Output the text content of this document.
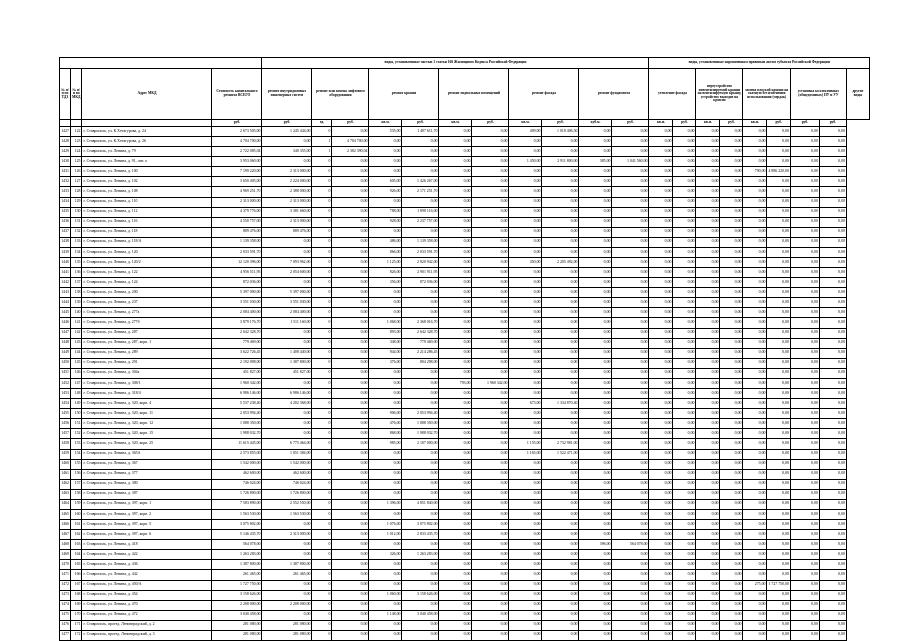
				виды, установленные частью 1 статьи 166 Жилищного Кодекса Российской Федерации											виды, установленные нормативным правовым актом субъекта Российской Федерации								
№ п/п по ТДЗ	№ п/п по МКД	Адрес МКД	Стоимость капитального ремонта ВСЕГО	ремонт внутридомовых инженерных систем	ремонт или замена лифтового оборудования		ремонт крыши		ремонт подвальных помещений		ремонт фасада		ремонт фундамента		утепление фасада		переустройство невентилируемой крыши на вентилируемую крышу, устройство выходов на кровлю		замена плоской крыши на скатную без изменения использования (чердак)		установка коллективных (общедомовых) ПУ и УУ		другие виды
			руб.	руб.	ед.	руб.	кв.м.	руб.	кв.м.	руб.	кв.м.	руб.	куб.м.	руб.	кв.м.	руб.	кв.м.	руб.	кв.м.	руб.	руб.	руб.	
1427	122	г. Ставрополь, ул. К.Хетагурова, д. 24	2 673 505,00	1 245 444,00	0	0,00	535,00	1 407 611,70	0,00	0,00	409,00	1 018 406,50	0,00	0,00	0,00	0,00	0,00	0,00	0,00	0,00	0,00	0,00	
1428	123	г. Ставрополь, ул. К.Хетагурова, д. 26	4 704 700,00	0,00	1	4 704 700,00	0,00	0,00	0,00	0,00	0,00	0,00	0,00	0,00	0,00	0,00	0,00	0,00	0,00	0,00	0,00	0,00	
1429	124	г. Ставрополь, ул. Ленина, д. 79	2 722 085,04	340 355,00	1	2 382 390,04	0,00	0,00	0,00	0,00	0,00	0,00	0,00	0,00	0,00	0,00	0,00	0,00	0,00	0,00	0,00	0,00	
1430	125	г. Ставрополь, ул. Ленина, д. 91, лит. а	3 953 060,00	0,00	0	0,00	0,00	0,00	0,00	0,00	1 450,00	2 911 800,00	385,00	1 041 560,00	0,00	0,00	0,00	0,00	0,00	0,00	0,00	0,00	
1431	126	г. Ставрополь, ул. Ленина, д. 100	7 199 220,00	2 313 000,00	0	0,00	0,00	0,00	0,00	0,00	0,00	0,00	0,00	0,00	0,00	0,00	0,00	0,00	790,00	4 886 220,00	0,00	0,00	
1432	127	г. Ставрополь, ул. Ленина, д. 102	3 650 405,00	2 224 000,00	0	0,00	605,00	1 426 267,00	0,00	0,00	0,00	0,00	0,00	0,00	0,00	0,00	0,00	0,00	0,00	0,00	0,00	0,00	
1433	128	г. Ставрополь, ул. Ленина, д. 108	4 969 251,70	2 388 000,00	0	0,00	926,00	2 171 251,70	0,00	0,00	0,00	0,00	0,00	0,00	0,00	0,00	0,00	0,00	0,00	0,00	0,00	0,00	
1434	129	г. Ставрополь, ул. Ленина, д. 110	2 313 000,00	2 313 000,00	0	0,00	0,00	0,00	0,00	0,00	0,00	0,00	0,00	0,00	0,00	0,00	0,00	0,00	0,00	0,00	0,00	0,00	
1435	130	г. Ставрополь, ул. Ленина, д. 112	4 379 776,00	3 381 660,00	0	0,00	788,00	1 898 116,00	0,00	0,00	0,00	0,00	0,00	0,00	0,00	0,00	0,00	0,00	0,00	0,00	0,00	0,00	
1436	131	г. Ставрополь, ул. Ленина, д. 116	4 550 757,00	2 313 000,00	0	0,00	928,00	2 237 757,00	0,00	0,00	0,00	0,00	0,00	0,00	0,00	0,00	0,00	0,00	0,00	0,00	0,00	0,00	
1437	132	г. Ставрополь, ул. Ленина, д. 118	889 476,00	889 476,00	0	0,00	0,00	0,00	0,00	0,00	0,00	0,00	0,00	0,00	0,00	0,00	0,00	0,00	0,00	0,00	0,00	0,00	
1438	133	г. Ставрополь, ул. Ленина, д. 118/А	1 139 358,00	0,00	0	0,00	486,00	1 139 358,00	0,00	0,00	0,00	0,00	0,00	0,00	0,00	0,00	0,00	0,00	0,00	0,00	0,00	0,00	
1439	134	г. Ставрополь, ул. Ленина, д. 120	2 033 591,70	0,00	0	0,00	866,00	2 033 591,70	0,00	0,00	0,00	0,00	0,00	0,00	0,00	0,00	0,00	0,00	0,00	0,00	0,00	0,00	
1440	135	г. Ставрополь, ул. Ленина, д. 120/2	12 120 396,00	7 093 962,00	0	0,00	1 125,00	2 820 942,00	0,00	0,00	450,00	2 205 492,00	0,00	0,00	0,00	0,00	0,00	0,00	0,00	0,00	0,00	0,00	
1441	136	г. Ставрополь, ул. Ленина, д. 122	4 956 511,95	2 054 600,00	0	0,00	826,00	2 901 911,95	0,00	0,00	0,00	0,00	0,00	0,00	0,00	0,00	0,00	0,00	0,00	0,00	0,00	0,00	
1442	137	г. Ставрополь, ул. Ленина, д. 124	872 036,00	0,00	0	0,00	356,00	872 036,00	0,00	0,00	0,00	0,00	0,00	0,00	0,00	0,00	0,00	0,00	0,00	0,00	0,00	0,00	
1443	138	г. Ставрополь, ул. Ленина, д. 200	5 397 000,00	5 397 000,00	0	0,00	0,00	0,00	0,00	0,00	0,00	0,00	0,00	0,00	0,00	0,00	0,00	0,00	0,00	0,00	0,00	0,00	
1444	139	г. Ставрополь, ул. Ленина, д. 237	3 551 030,00	3 551 030,00	0	0,00	0,00	0,00	0,00	0,00	0,00	0,00	0,00	0,00	0,00	0,00	0,00	0,00	0,00	0,00	0,00	0,00	
1445	140	г. Ставрополь, ул. Ленина, д. 277а	2 084 400,00	2 084 400,00	0	0,00	0,00	0,00	0,00	0,00	0,00	0,00	0,00	0,00	0,00	0,00	0,00	0,00	0,00	0,00	0,00	0,00	
1446	141	г. Ставрополь, ул. Ленина, д. 277б	3 879 176,70	1 511 160,00	0	0,00	1 068,00	2 368 016,70	0,00	0,00	0,00	0,00	0,00	0,00	0,00	0,00	0,00	0,00	0,00	0,00	0,00	0,00	
1447	142	г. Ставрополь, ул. Ленина, д. 287	2 642 328,70	0,00	0	0,00	893,00	2 642 328,70	0,00	0,00	0,00	0,00	0,00	0,00	0,00	0,00	0,00	0,00	0,00	0,00	0,00	0,00	
1448	143	г. Ставрополь, ул. Ленина, д. 287, корп. 1	779 469,00	0,00	0	0,00	348,00	779 469,00	0,00	0,00	0,00	0,00	0,00	0,00	0,00	0,00	0,00	0,00	0,00	0,00	0,00	0,00	
1449	144	г. Ставрополь, ул. Ленина, д. 289	3 622 726,45	1 408 440,00	0	0,00	944,00	2 214 286,45	0,00	0,00	0,00	0,00	0,00	0,00	0,00	0,00	0,00	0,00	0,00	0,00	0,00	0,00	
1450	145	г. Ставрополь, ул. Ленина, д. 291	2 192 098,00	1 387 800,00	0	0,00	376,00	804 298,00	0,00	0,00	0,00	0,00	0,00	0,00	0,00	0,00	0,00	0,00	0,00	0,00	0,00	0,00	
1451	146	г. Ставрополь, ул. Ленина, д. 304а	451 827,00	451 827,00	0	0,00	0,00	0,00	0,00	0,00	0,00	0,00	0,00	0,00	0,00	0,00	0,00	0,00	0,00	0,00	0,00	0,00	
1452	147	г. Ставрополь, ул. Ленина, д. 308/1	1 960 342,00	0,00	0	0,00	0,00	0,00	793,00	1 960 342,00	0,00	0,00	0,00	0,00	0,00	0,00	0,00	0,00	0,00	0,00	0,00	0,00	
1453	148	г. Ставрополь, ул. Ленина, д. 318/4	6 986 146,00	6 986 146,00	0	0,00	0,00	0,00	0,00	0,00	0,00	0,00	0,00	0,00	0,00	0,00	0,00	0,00	0,00	0,00	0,00	0,00	
1454	149	г. Ставрополь, ул. Ленина, д. 320, корп. 4	5 537 238,40	4 202 368,00	0	0,00	0,00	0,00	0,00	0,00	673,00	1 334 870,40	0,00	0,00	0,00	0,00	0,00	0,00	0,00	0,00	0,00	0,00	
1455	150	г. Ставрополь, ул. Ленина, д. 320, корп. 11	2 053 994,40	0,00	0	0,00	906,00	2 053 994,40	0,00	0,00	0,00	0,00	0,00	0,00	0,00	0,00	0,00	0,00	0,00	0,00	0,00	0,00	
1456	151	г. Ставрополь, ул. Ленина, д. 320, корп. 12	1 088 350,00	0,00	0	0,00	476,00	1 088 350,00	0,00	0,00	0,00	0,00	0,00	0,00	0,00	0,00	0,00	0,00	0,00	0,00	0,00	0,00	
1457	152	г. Ставрополь, ул. Ленина, д. 320, корп. 15	1 988 032,70	0,00	0	0,00	868,00	1 988 032,70	0,00	0,00	0,00	0,00	0,00	0,00	0,00	0,00	0,00	0,00	0,00	0,00	0,00	0,00	
1458	153	г. Ставрополь, ул. Ленина, д. 320, корп. 25	11 615 445,00	6 775 464,00	0	0,00	985,00	2 107 000,00	0,00	0,00	1 155,00	2 732 981,00	0,00	0,00	0,00	0,00	0,00	0,00	0,00	0,00	0,00	0,00	
1459	154	г. Ставрополь, ул. Ленина, д. 365А	2 573 855,00	1 051 384,00	0	0,00	0,00	0,00	0,00	0,00	1 165,00	1 522 471,00	0,00	0,00	0,00	0,00	0,00	0,00	0,00	0,00	0,00	0,00	
1460	155	г. Ставрополь, ул. Ленина, д. 367	1 542 000,00	1 542 000,00	0	0,00	0,00	0,00	0,00	0,00	0,00	0,00	0,00	0,00	0,00	0,00	0,00	0,00	0,00	0,00	0,00	0,00	
1461	156	г. Ставрополь, ул. Ленина, д. 377	462 600,00	462 600,00	0	0,00	0,00	0,00	0,00	0,00	0,00	0,00	0,00	0,00	0,00	0,00	0,00	0,00	0,00	0,00	0,00	0,00	
1462	157	г. Ставрополь, ул. Ленина, д. 380	746 024,00	746 024,00	0	0,00	0,00	0,00	0,00	0,00	0,00	0,00	0,00	0,00	0,00	0,00	0,00	0,00	0,00	0,00	0,00	0,00	
1463	158	г. Ставрополь, ул. Ленина, д. 387	1 726 800,00	1 726 800,00	0	0,00	0,00	0,00	0,00	0,00	0,00	0,00	0,00	0,00	0,00	0,00	0,00	0,00	0,00	0,00	0,00	0,00	
1464	159	г. Ставрополь, ул. Ленина, д. 397, корп. 1	7 583 890,00	2 552 550,00	0	0,00	1 396,00	4 851 840,00	0,00	0,00	0,00	0,00	0,00	0,00	0,00	0,00	0,00	0,00	0,00	0,00	0,00	0,00	
1465	160	г. Ставрополь, ул. Ленина, д. 397, корп. 2	1 563 530,00	1 563 530,00	0	0,00	0,00	0,00	0,00	0,00	0,00	0,00	0,00	0,00	0,00	0,00	0,00	0,00	0,00	0,00	0,00	0,00	
1466	161	г. Ставрополь, ул. Ленина, д. 397, корп. 5	3 075 802,00	0,00	0	0,00	1 076,00	3 075 802,00	0,00	0,00	0,00	0,00	0,00	0,00	0,00	0,00	0,00	0,00	0,00	0,00	0,00	0,00	
1467	162	г. Ставрополь, ул. Ленина, д. 397, корп. 6	5 146 435,70	2 313 000,00	0	0,00	1 012,00	2 833 435,70	0,00	0,00	0,00	0,00	0,00	0,00	0,00	0,00	0,00	0,00	0,00	0,00	0,00	0,00	
1468	163	г. Ставрополь, ул. Ленина, д. 418	564 078,00	0,00	0	0,00	0,00	0,00	0,00	0,00	0,00	0,00	396,00	564 078,00	0,00	0,00	0,00	0,00	0,00	0,00	0,00	0,00	
1469	164	г. Ставрополь, ул. Ленина, д. 422	1 263 283,00	0,00	0	0,00	326,00	1 263 283,00	0,00	0,00	0,00	0,00	0,00	0,00	0,00	0,00	0,00	0,00	0,00	0,00	0,00	0,00	
1470	165	г. Ставрополь, ул. Ленина, д. 436	1 387 800,00	1 387 800,00	0	0,00	0,00	0,00	0,00	0,00	0,00	0,00	0,00	0,00	0,00	0,00	0,00	0,00	0,00	0,00	0,00	0,00	
1471	166	г. Ставрополь, ул. Ленина, д. 442	261 465,00	261 465,00	0	0,00	0,00	0,00	0,00	0,00	0,00	0,00	0,00	0,00	0,00	0,00	0,00	0,00	0,00	0,00	0,00	0,00	
1472	167	г. Ставрополь, ул. Ленина, д. 450/А	1 727 750,00	0,00	0	0,00	0,00	0,00	0,00	0,00	0,00	0,00	0,00	0,00	0,00	0,00	0,00	0,00	275,00	1 727 750,00	0,00	0,00	
1473	168	г. Ставрополь, ул. Ленина, д. 454	3 158 626,00	0,00	0	0,00	1 060,00	3 158 626,00	0,00	0,00	0,00	0,00	0,00	0,00	0,00	0,00	0,00	0,00	0,00	0,00	0,00	0,00	
1474	169	г. Ставрополь, ул. Ленина, д. 470	2 208 000,00	2 208 000,00	0	0,00	0,00	0,00	0,00	0,00	0,00	0,00	0,00	0,00	0,00	0,00	0,00	0,00	0,00	0,00	0,00	0,00	
1475	170	г. Ставрополь, ул. Ленина, д. 472	3 040 458,00	0,00	0	0,00	1 148,00	3 040 458,00	0,00	0,00	0,00	0,00	0,00	0,00	0,00	0,00	0,00	0,00	0,00	0,00	0,00	0,00	
1476	171	г. Ставрополь, проезд. Ленинградский, д. 2	281 080,00	281 080,00	0	0,00	0,00	0,00	0,00	0,00	0,00	0,00	0,00	0,00	0,00	0,00	0,00	0,00	0,00	0,00	0,00	0,00	
1477	172	г. Ставрополь, проезд. Ленинградский, д. 3	281 080,00	281 080,00	0	0,00	0,00	0,00	0,00	0,00	0,00	0,00	0,00	0,00	0,00	0,00	0,00	0,00	0,00	0,00	0,00	0,00	
